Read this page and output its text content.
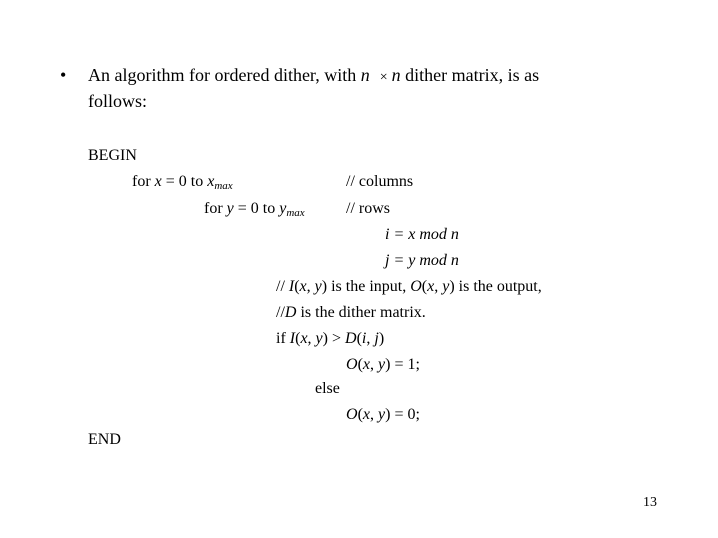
• An algorithm for ordered dither, with n × n dither matrix, is as
follows:
BEGIN
for x = 0 to $x_{max}$	// columns
for y = 0 to $y_{max}$	// rows
i = x mod n
j = y mod n
// I(x, y) is the input, O(x, y) is the output,
//D is the dither matrix.
if I(x, y) > D(i, j)
O(x, y) = 1;
else
O(x, y) = 0;
END
13
